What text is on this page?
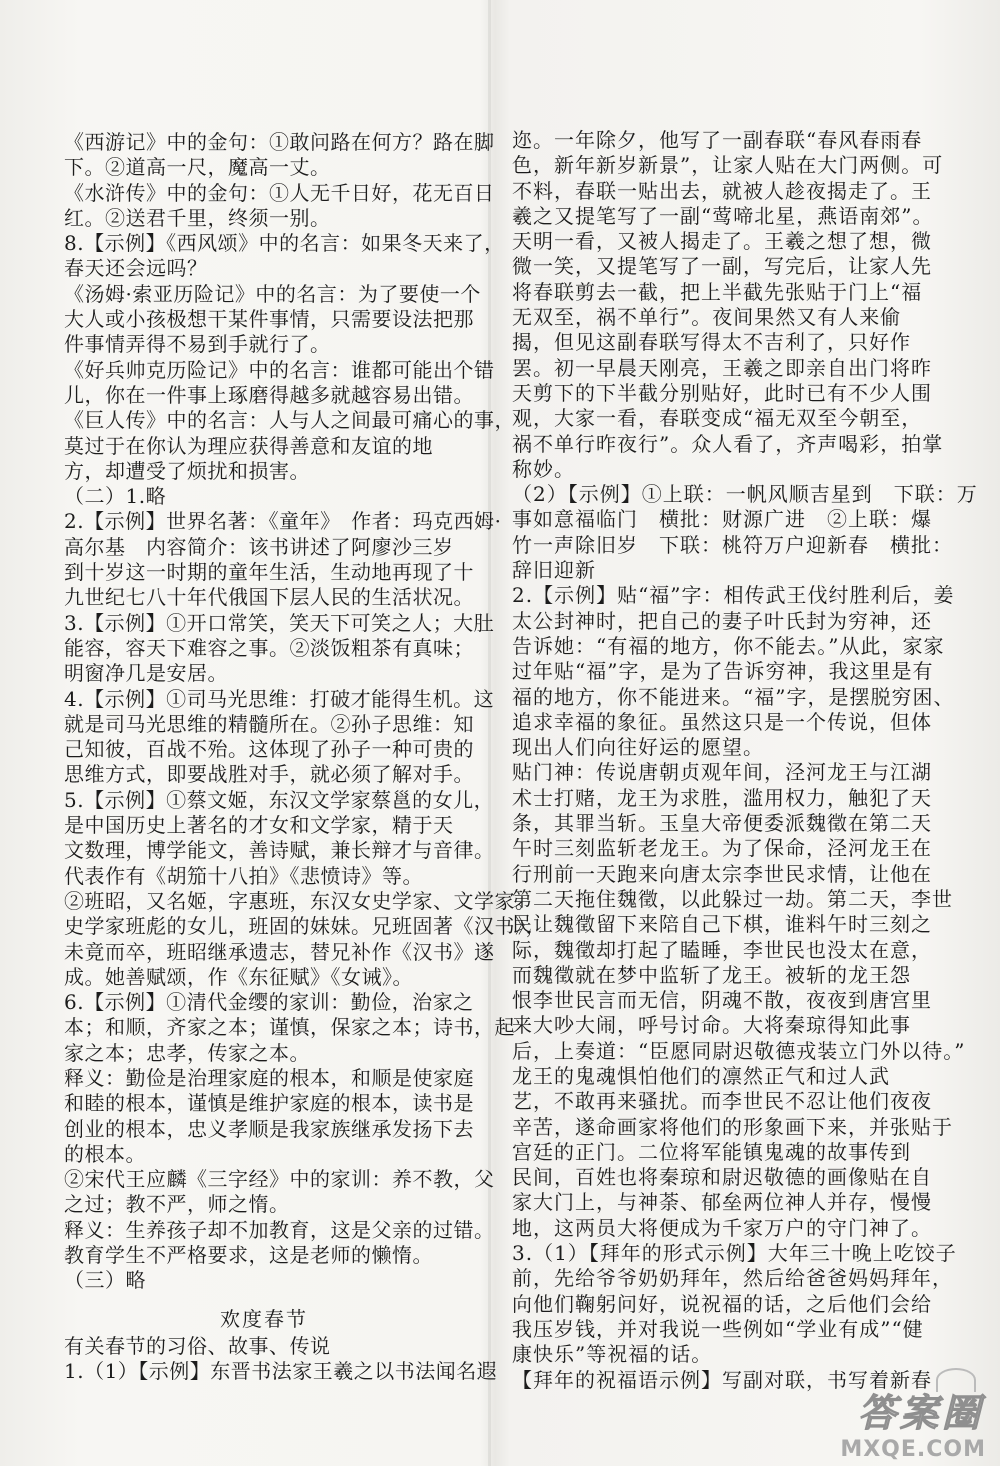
《西游记》中的金句：①敢问路在何方？路在脚
下。②道高一尺，魔高一丈。
《水浒传》中的金句：①人无千日好，花无百日
红。②送君千里，终须一别。
8.【示例】《西风颂》中的名言：如果冬天来了，
春天还会远吗？
《汤姆·索亚历险记》中的名言：为了要使一个
大人或小孩极想干某件事情，只需要设法把那
件事情弄得不易到手就行了。
《好兵帅克历险记》中的名言：谁都可能出个错
儿，你在一件事上琢磨得越多就越容易出错。
《巨人传》中的名言：人与人之间最可痛心的事，
莫过于在你认为理应获得善意和友谊的地
方，却遭受了烦扰和损害。
（二）1.略
2.【示例】世界名著：《童年》　作者：玛克西姆·
高尔基　内容简介：该书讲述了阿廖沙三岁
到十岁这一时期的童年生活，生动地再现了十
九世纪七八十年代俄国下层人民的生活状况。
3.【示例】①开口常笑，笑天下可笑之人；大肚
能容，容天下难容之事。②淡饭粗茶有真味；
明窗净几是安居。
4.【示例】①司马光思维：打破才能得生机。这
就是司马光思维的精髓所在。②孙子思维：知
己知彼，百战不殆。这体现了孙子一种可贵的
思维方式，即要战胜对手，就必须了解对手。
5.【示例】①蔡文姬，东汉文学家蔡邕的女儿，
是中国历史上著名的才女和文学家，精于天
文数理，博学能文，善诗赋，兼长辩才与音律。
代表作有《胡笳十八拍》《悲愤诗》等。
②班昭，又名姬，字惠班，东汉女史学家、文学家。
史学家班彪的女儿，班固的妹妹。兄班固著《汉书》，
未竟而卒，班昭继承遗志，替兄补作《汉书》遂
成。她善赋颂，作《东征赋》《女诫》。
6.【示例】①清代金缨的家训：勤俭，治家之
本；和顺，齐家之本；谨慎，保家之本；诗书，起
家之本；忠孝，传家之本。
释义：勤俭是治理家庭的根本，和顺是使家庭
和睦的根本，谨慎是维护家庭的根本，读书是
创业的根本，忠义孝顺是我家族继承发扬下去
的根本。
②宋代王应麟《三字经》中的家训：养不教，父
之过；教不严，师之惰。
释义：生养孩子却不加教育，这是父亲的过错。
教育学生不严格要求，这是老师的懒惰。
（三）略
欢度春节
有关春节的习俗、故事、传说
1.（1）【示例】东晋书法家王羲之以书法闻名遐
迩。一年除夕，他写了一副春联“春风春雨春
色，新年新岁新景”，让家人贴在大门两侧。可
不料，春联一贴出去，就被人趁夜揭走了。王
羲之又提笔写了一副“莺啼北星，燕语南郊”。
天明一看，又被人揭走了。王羲之想了想，微
微一笑，又提笔写了一副，写完后，让家人先
将春联剪去一截，把上半截先张贴于门上“福
无双至，祸不单行”。夜间果然又有人来偷
揭，但见这副春联写得太不吉利了，只好作
罢。初一早晨天刚亮，王羲之即亲自出门将昨
天剪下的下半截分别贴好，此时已有不少人围
观，大家一看，春联变成“福无双至今朝至，
祸不单行昨夜行”。众人看了，齐声喝彩，拍掌
称妙。
（2）【示例】①上联：一帆风顺吉星到　下联：万
事如意福临门　横批：财源广进　②上联：爆
竹一声除旧岁　下联：桃符万户迎新春　横批：
辞旧迎新
2.【示例】贴“福”字：相传武王伐纣胜利后，姜
太公封神时，把自己的妻子叶氏封为穷神，还
告诉她：“有福的地方，你不能去。”从此，家家
过年贴“福”字，是为了告诉穷神，我这里是有
福的地方，你不能进来。“福”字，是摆脱穷困、
追求幸福的象征。虽然这只是一个传说，但体
现出人们向往好运的愿望。
贴门神：传说唐朝贞观年间，泾河龙王与江湖
术士打赌，龙王为求胜，滥用权力，触犯了天
条，其罪当斩。玉皇大帝便委派魏徵在第二天
午时三刻监斩老龙王。为了保命，泾河龙王在
行刑前一天跑来向唐太宗李世民求情，让他在
第二天拖住魏徵，以此躲过一劫。第二天，李世
民让魏徵留下来陪自己下棋，谁料午时三刻之
际，魏徵却打起了瞌睡，李世民也没太在意，
而魏徵就在梦中监斩了龙王。被斩的龙王怨
恨李世民言而无信，阴魂不散，夜夜到唐宫里
来大吵大闹，呼号讨命。大将秦琼得知此事
后，上奏道：“臣愿同尉迟敬德戎装立门外以待。”
龙王的鬼魂惧怕他们的凛然正气和过人武
艺，不敢再来骚扰。而李世民不忍让他们夜夜
辛苦，遂命画家将他们的形象画下来，并张贴于
宫廷的正门。二位将军能镇鬼魂的故事传到
民间，百姓也将秦琼和尉迟敬德的画像贴在自
家大门上，与神荼、郁垒两位神人并存，慢慢
地，这两员大将便成为千家万户的守门神了。
3.（1）【拜年的形式示例】大年三十晚上吃饺子
前，先给爷爷奶奶拜年，然后给爸爸妈妈拜年，
向他们鞠躬问好，说祝福的话，之后他们会给
我压岁钱，并对我说一些例如“学业有成”“健
康快乐”等祝福的话。
【拜年的祝福语示例】写副对联，书写着新春
答案圈
MXQE.COM
